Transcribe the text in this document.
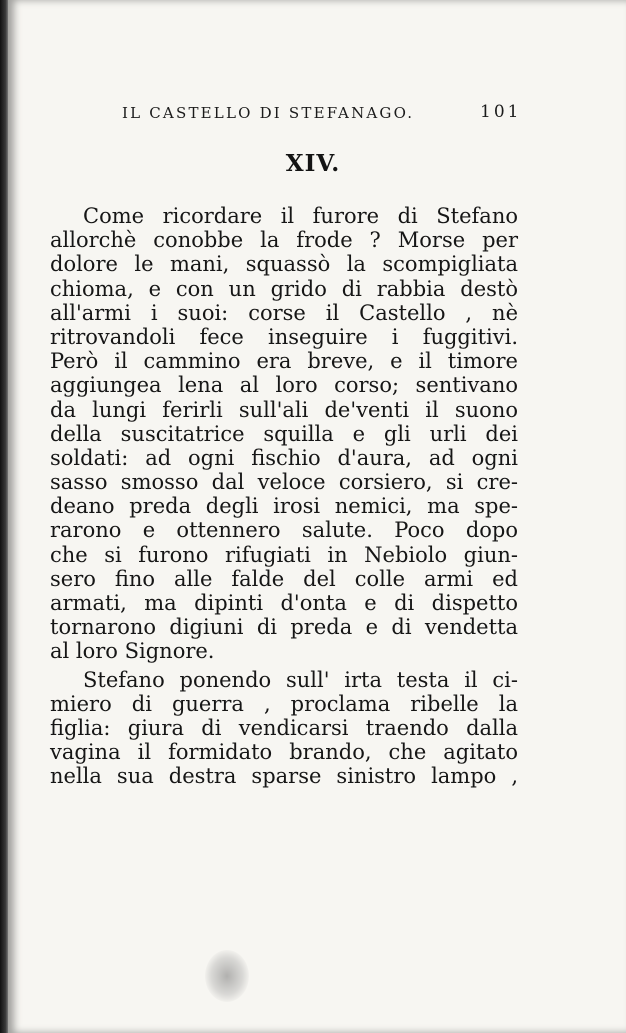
IL CASTELLO DI STEFANAGO.	101
XIV.
Come ricordare il furore di Stefano
allorchè conobbe la frode ? Morse per
dolore le mani, squassò la scompigliata
chioma, e con un grido di rabbia destò
all'armi i suoi: corse il Castello , nè
ritrovandoli fece inseguire i fuggitivi.
Però il cammino era breve, e il timore
aggiungea lena al loro corso; sentivano
da lungi ferirli sull'ali de'venti il suono
della suscitatrice squilla e gli urli dei
soldati: ad ogni fischio d'aura, ad ogni
sasso smosso dal veloce corsiero, si cre-
deano preda degli irosi nemici, ma spe-
rarono e ottennero salute. Poco dopo
che si furono rifugiati in Nebiolo giun-
sero fino alle falde del colle armi ed
armati, ma dipinti d'onta e di dispetto
tornarono digiuni di preda e di vendetta
al loro Signore.
Stefano ponendo sull' irta testa il ci-
miero di guerra , proclama ribelle la
figlia: giura di vendicarsi traendo dalla
vagina il formidato brando, che agitato
nella sua destra sparse sinistro lampo ,
